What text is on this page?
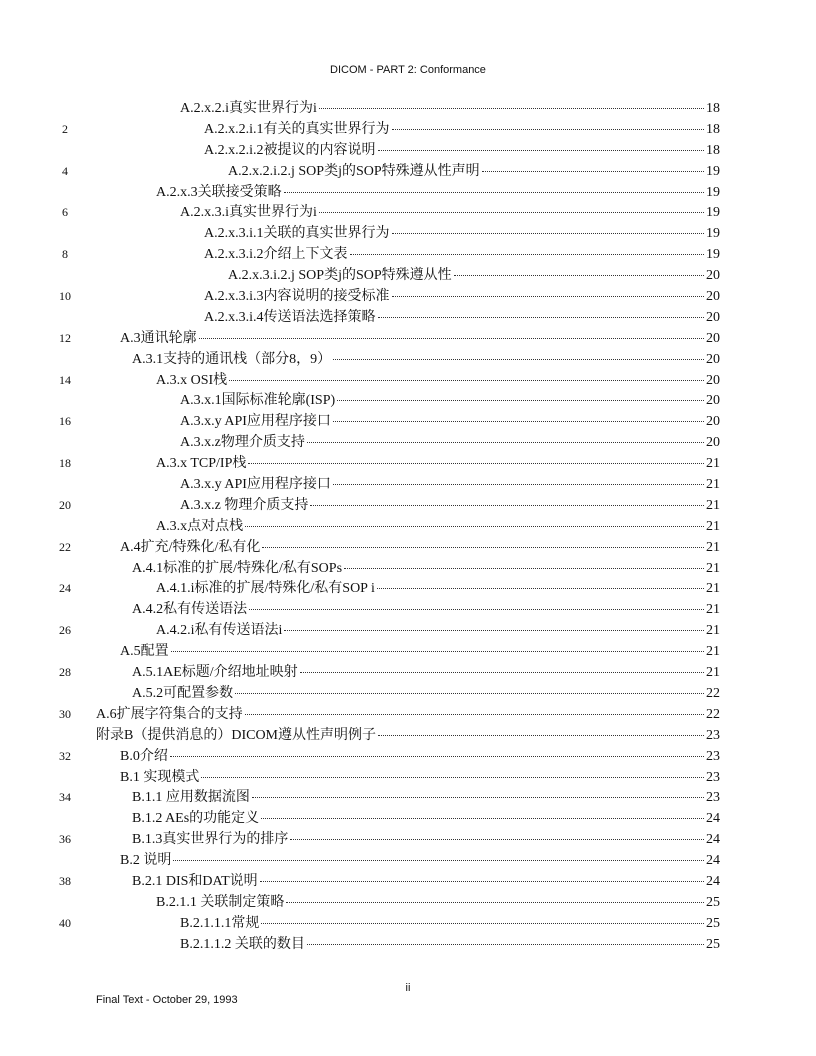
DICOM - PART 2: Conformance
A.2.x.2.i真实世界行为i	18
2	A.2.x.2.i.1有关的真实世界行为	18
A.2.x.2.i.2被提议的内容说明	18
4	A.2.x.2.i.2.j SOP类j的SOP特殊遵从性声明	19
A.2.x.3关联接受策略	19
6	A.2.x.3.i真实世界行为i	19
A.2.x.3.i.1关联的真实世界行为	19
8	A.2.x.3.i.2介绍上下文表	19
A.2.x.3.i.2.j SOP类j的SOP特殊遵从性	20
10	A.2.x.3.i.3内容说明的接受标准	20
A.2.x.3.i.4传送语法选择策略	20
12	A.3通讯轮廓	20
A.3.1支持的通讯栈（部分8，9）	20
14	A.3.x OSI栈	20
A.3.x.1国际标准轮廓(ISP)	20
16	A.3.x.y API应用程序接口	20
A.3.x.z物理介质支持	20
18	A.3.x TCP/IP栈	21
A.3.x.y API应用程序接口	21
20	A.3.x.z 物理介质支持	21
A.3.x点对点栈	21
22	A.4扩充/特殊化/私有化	21
A.4.1标准的扩展/特殊化/私有SOPs	21
24	A.4.1.i标准的扩展/特殊化/私有SOP i	21
A.4.2私有传送语法	21
26	A.4.2.i私有传送语法i	21
A.5配置	21
28	A.5.1AE标题/介绍地址映射	21
A.5.2可配置参数	22
30	A.6扩展字符集合的支持	22
附录B（提供消息的）DICOM遵从性声明例子	23
32	B.0介绍	23
B.1 实现模式	23
34	B.1.1 应用数据流图	23
B.1.2 AEs的功能定义	24
36	B.1.3真实世界行为的排序	24
B.2 说明	24
38	B.2.1 DIS和DAT说明	24
B.2.1.1 关联制定策略	25
40	B.2.1.1.1常规	25
B.2.1.1.2 关联的数目	25
ii
Final Text - October 29, 1993
